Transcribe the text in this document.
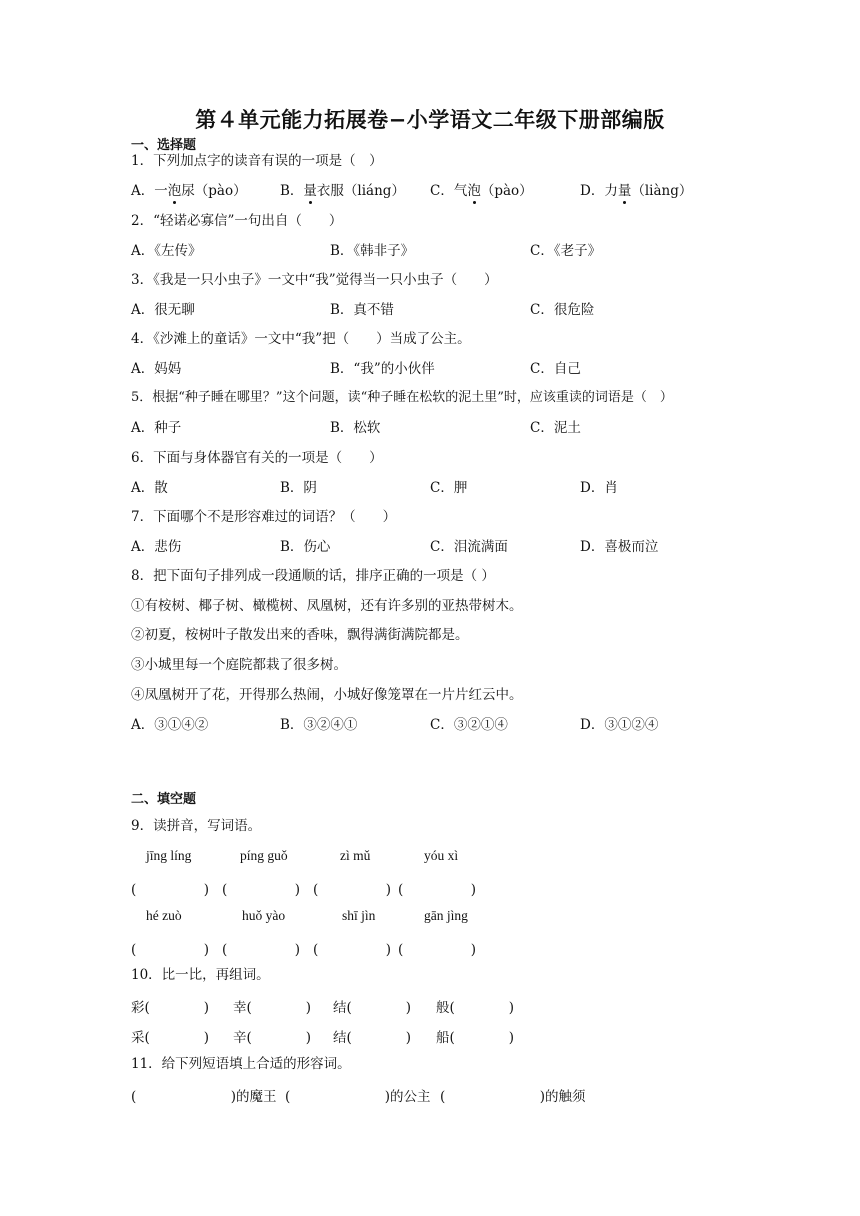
第４单元能力拓展卷−小学语文二年级下册部编版
一、选择题
1．下列加点字的读音有误的一项是（　）
A．一泡尿（pào） B．量衣服（liáng） C．气泡（pào）	D．力量（liàng）
2．“轻诺必寡信”一句出自（　　）
A．《左传》	B．《韩非子》	C．《老子》
3．《我是一只小虫子》一文中“我”觉得当一只小虫子（　　）
A．很无聊	B．真不错	C．很危险
4．《沙滩上的童话》一文中“我”把（　　）当成了公主。
A．妈妈	B．“我”的小伙伴	C．自己
5．根据“种子睡在哪里？”这个问题，读“种子睡在松软的泥土里”时，应该重读的词语是（　）
A．种子	B．松软	C．泥土
6．下面与身体器官有关的一项是（　　）
A．散	B．阴	C．胛	D．肖
7．下面哪个不是形容难过的词语？（　　）
A．悲伤	B．伤心	C．泪流满面	D．喜极而泣
8．把下面句子排列成一段通顺的话，排序正确的一项是（ ）
①有桉树、椰子树、橄榄树、凤凰树，还有许多别的亚热带树木。
②初夏，桉树叶子散发出来的香味，飘得满街满院都是。
③小城里每一个庭院都栽了很多树。
④凤凰树开了花，开得那么热闹，小城好像笼罩在一片片红云中。
A．③①④②	B．③②④①	C．③②①④	D．③①②④
二、填空题
9．读拼音，写词语。
jīng líng	píng guǒ	zì mǔ	yóu xì
(　　　　　) (　　　　　) (　　　　　) (　　　　　)
hé zuò	huǒ yào	shī jìn	gān jìng
(　　　　　) (　　　　　) (　　　　　) (　　　　　)
10．比一比，再组词。
彩(　　　　) 幸(　　　　) 结(　　　　) 般(　　　　)
采(　　　　) 辛(　　　　) 结(　　　　) 船(　　　　)
11．给下列短语填上合适的形容词。
(　　　　　　　)的魔王 (　　　　　　　)的公主 (　　　　　　　)的触须
